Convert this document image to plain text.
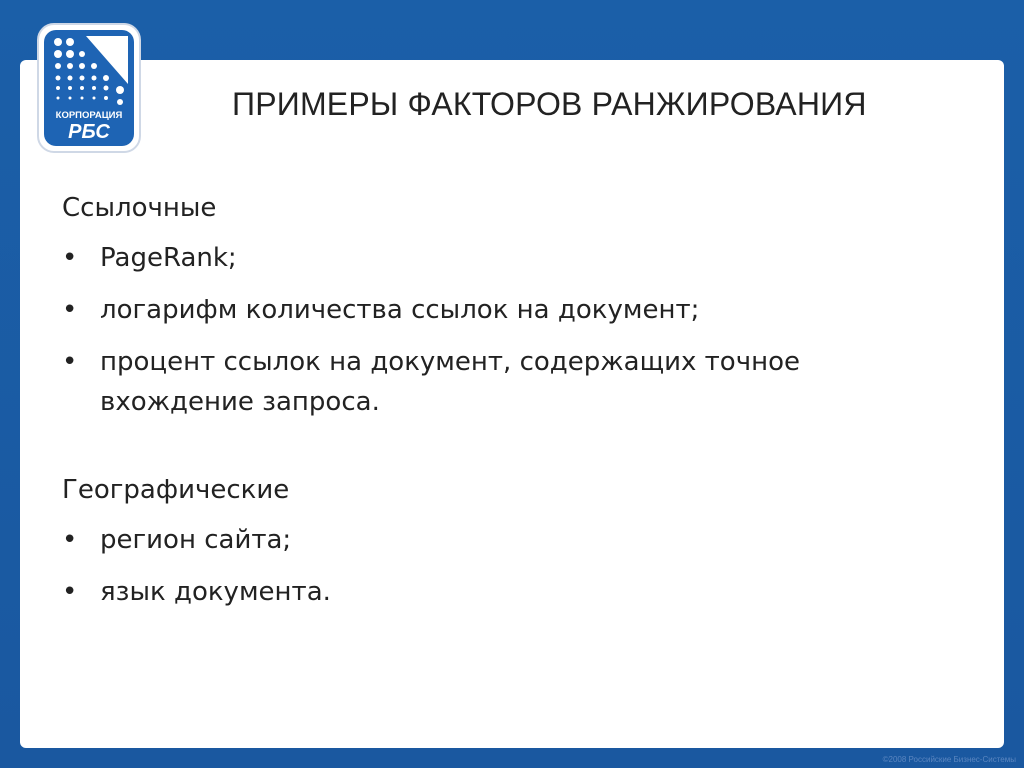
КОРПОРАЦИЯ
РБС
ПРИМЕРЫ ФАКТОРОВ РАНЖИРОВАНИЯ

Ссылочные

• PageRank;
• логарифм количества ссылок на документ;
• процент ссылок на документ, содержащих точное вхождение запроса.

Географические

• регион сайта;
• язык документа.
©2008 Российские Бизнес-Системы
